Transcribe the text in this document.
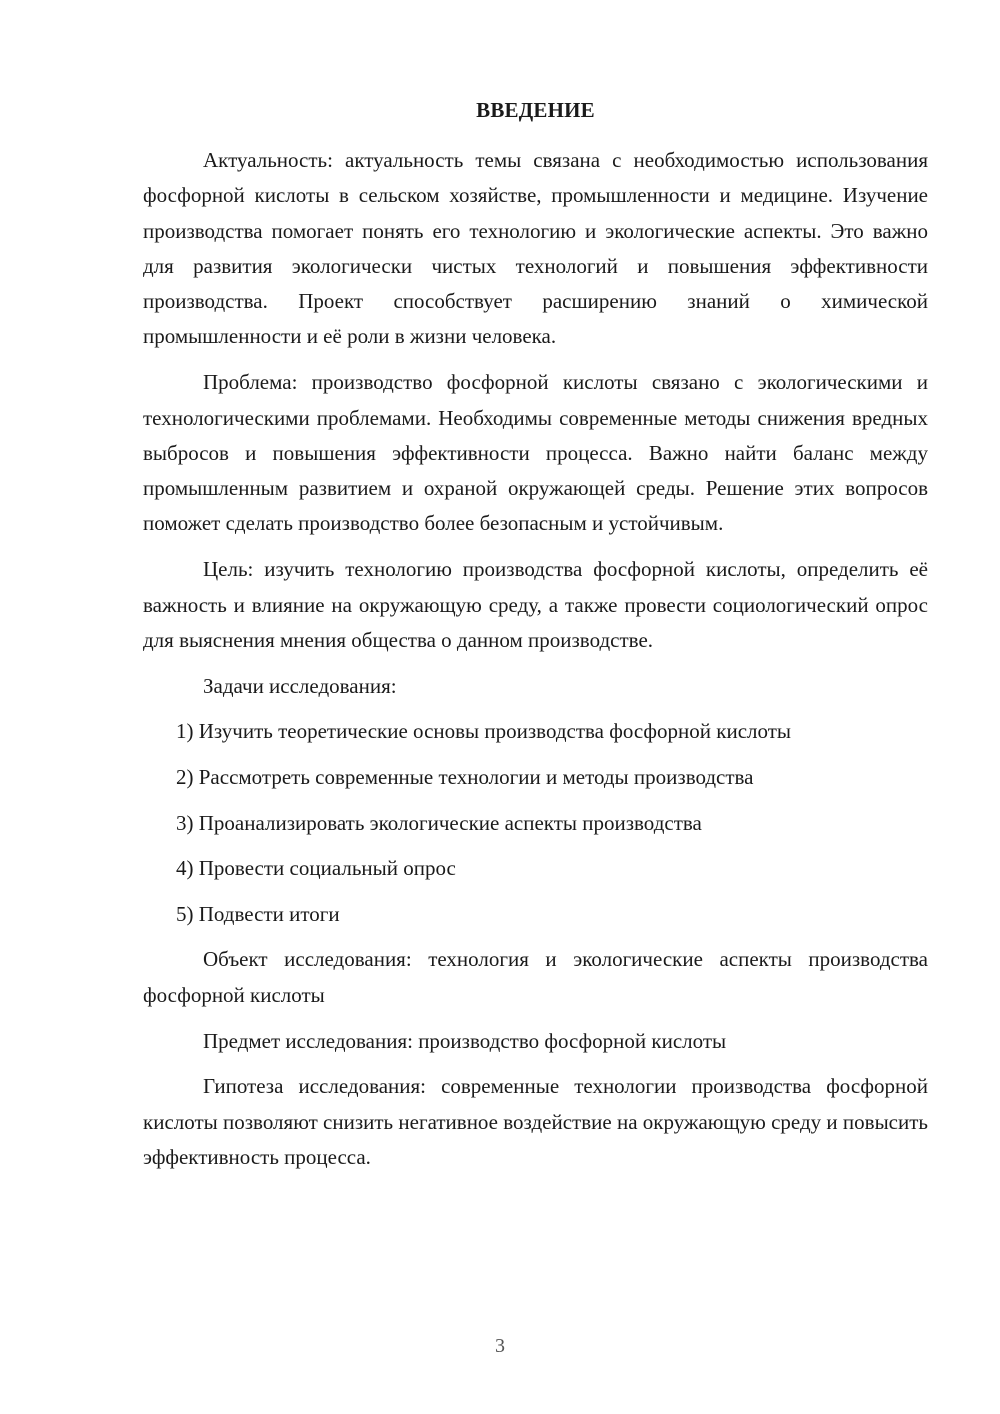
ВВЕДЕНИЕ

Актуальность: актуальность темы связана с необходимостью использования фосфорной кислоты в сельском хозяйстве, промышленности и медицине. Изучение производства помогает понять его технологию и экологические аспекты. Это важно для развития экологически чистых технологий и повышения эффективности производства. Проект способствует расширению знаний о химической промышленности и её роли в жизни человека.

Проблема: производство фосфорной кислоты связано с экологическими и технологическими проблемами. Необходимы современные методы снижения вредных выбросов и повышения эффективности процесса. Важно найти баланс между промышленным развитием и охраной окружающей среды. Решение этих вопросов поможет сделать производство более безопасным и устойчивым.

Цель: изучить технологию производства фосфорной кислоты, определить её важность и влияние на окружающую среду, а также провести социологический опрос для выяснения мнения общества о данном производстве.

Задачи исследования:

1) Изучить теоретические основы производства фосфорной кислоты
2) Рассмотреть современные технологии и методы производства
3) Проанализировать экологические аспекты производства
4) Провести социальный опрос
5) Подвести итоги

Объект исследования: технология и экологические аспекты производства фосфорной кислоты

Предмет исследования: производство фосфорной кислоты

Гипотеза исследования: современные технологии производства фосфорной кислоты позволяют снизить негативное воздействие на окружающую среду и повысить эффективность процесса.

3
